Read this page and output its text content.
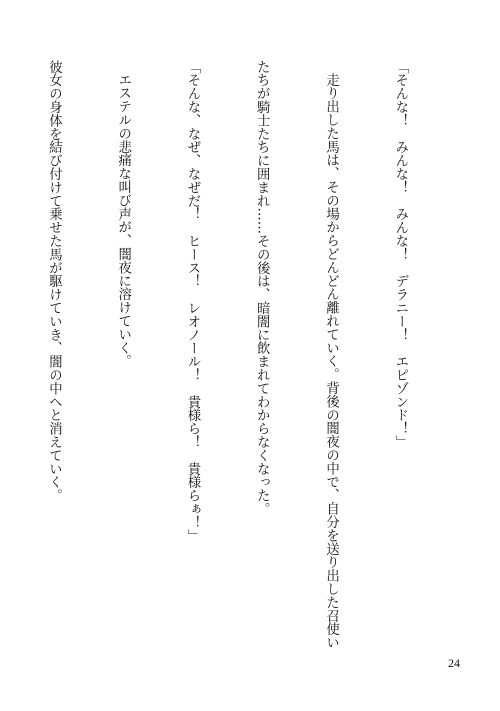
「そんな！　みんな！　みんな！　デラニー！　エピゾンド！」

走り出した馬は、その場からどんどん離れていく。背後の闇夜の中で、自分を送り出した召使い

たちが騎士たちに囲まれ……その後は、暗闇に飲まれてわからなくなった。

「そんな、なぜ、なぜだ！　ヒース！　レオノール！　貴様ら！　貴様らぁ！」

エステルの悲痛な叫び声が、闇夜に溶けていく。

彼女の身体を結び付けて乗せた馬が駆けていき、闇の中へと消えていく。

24
